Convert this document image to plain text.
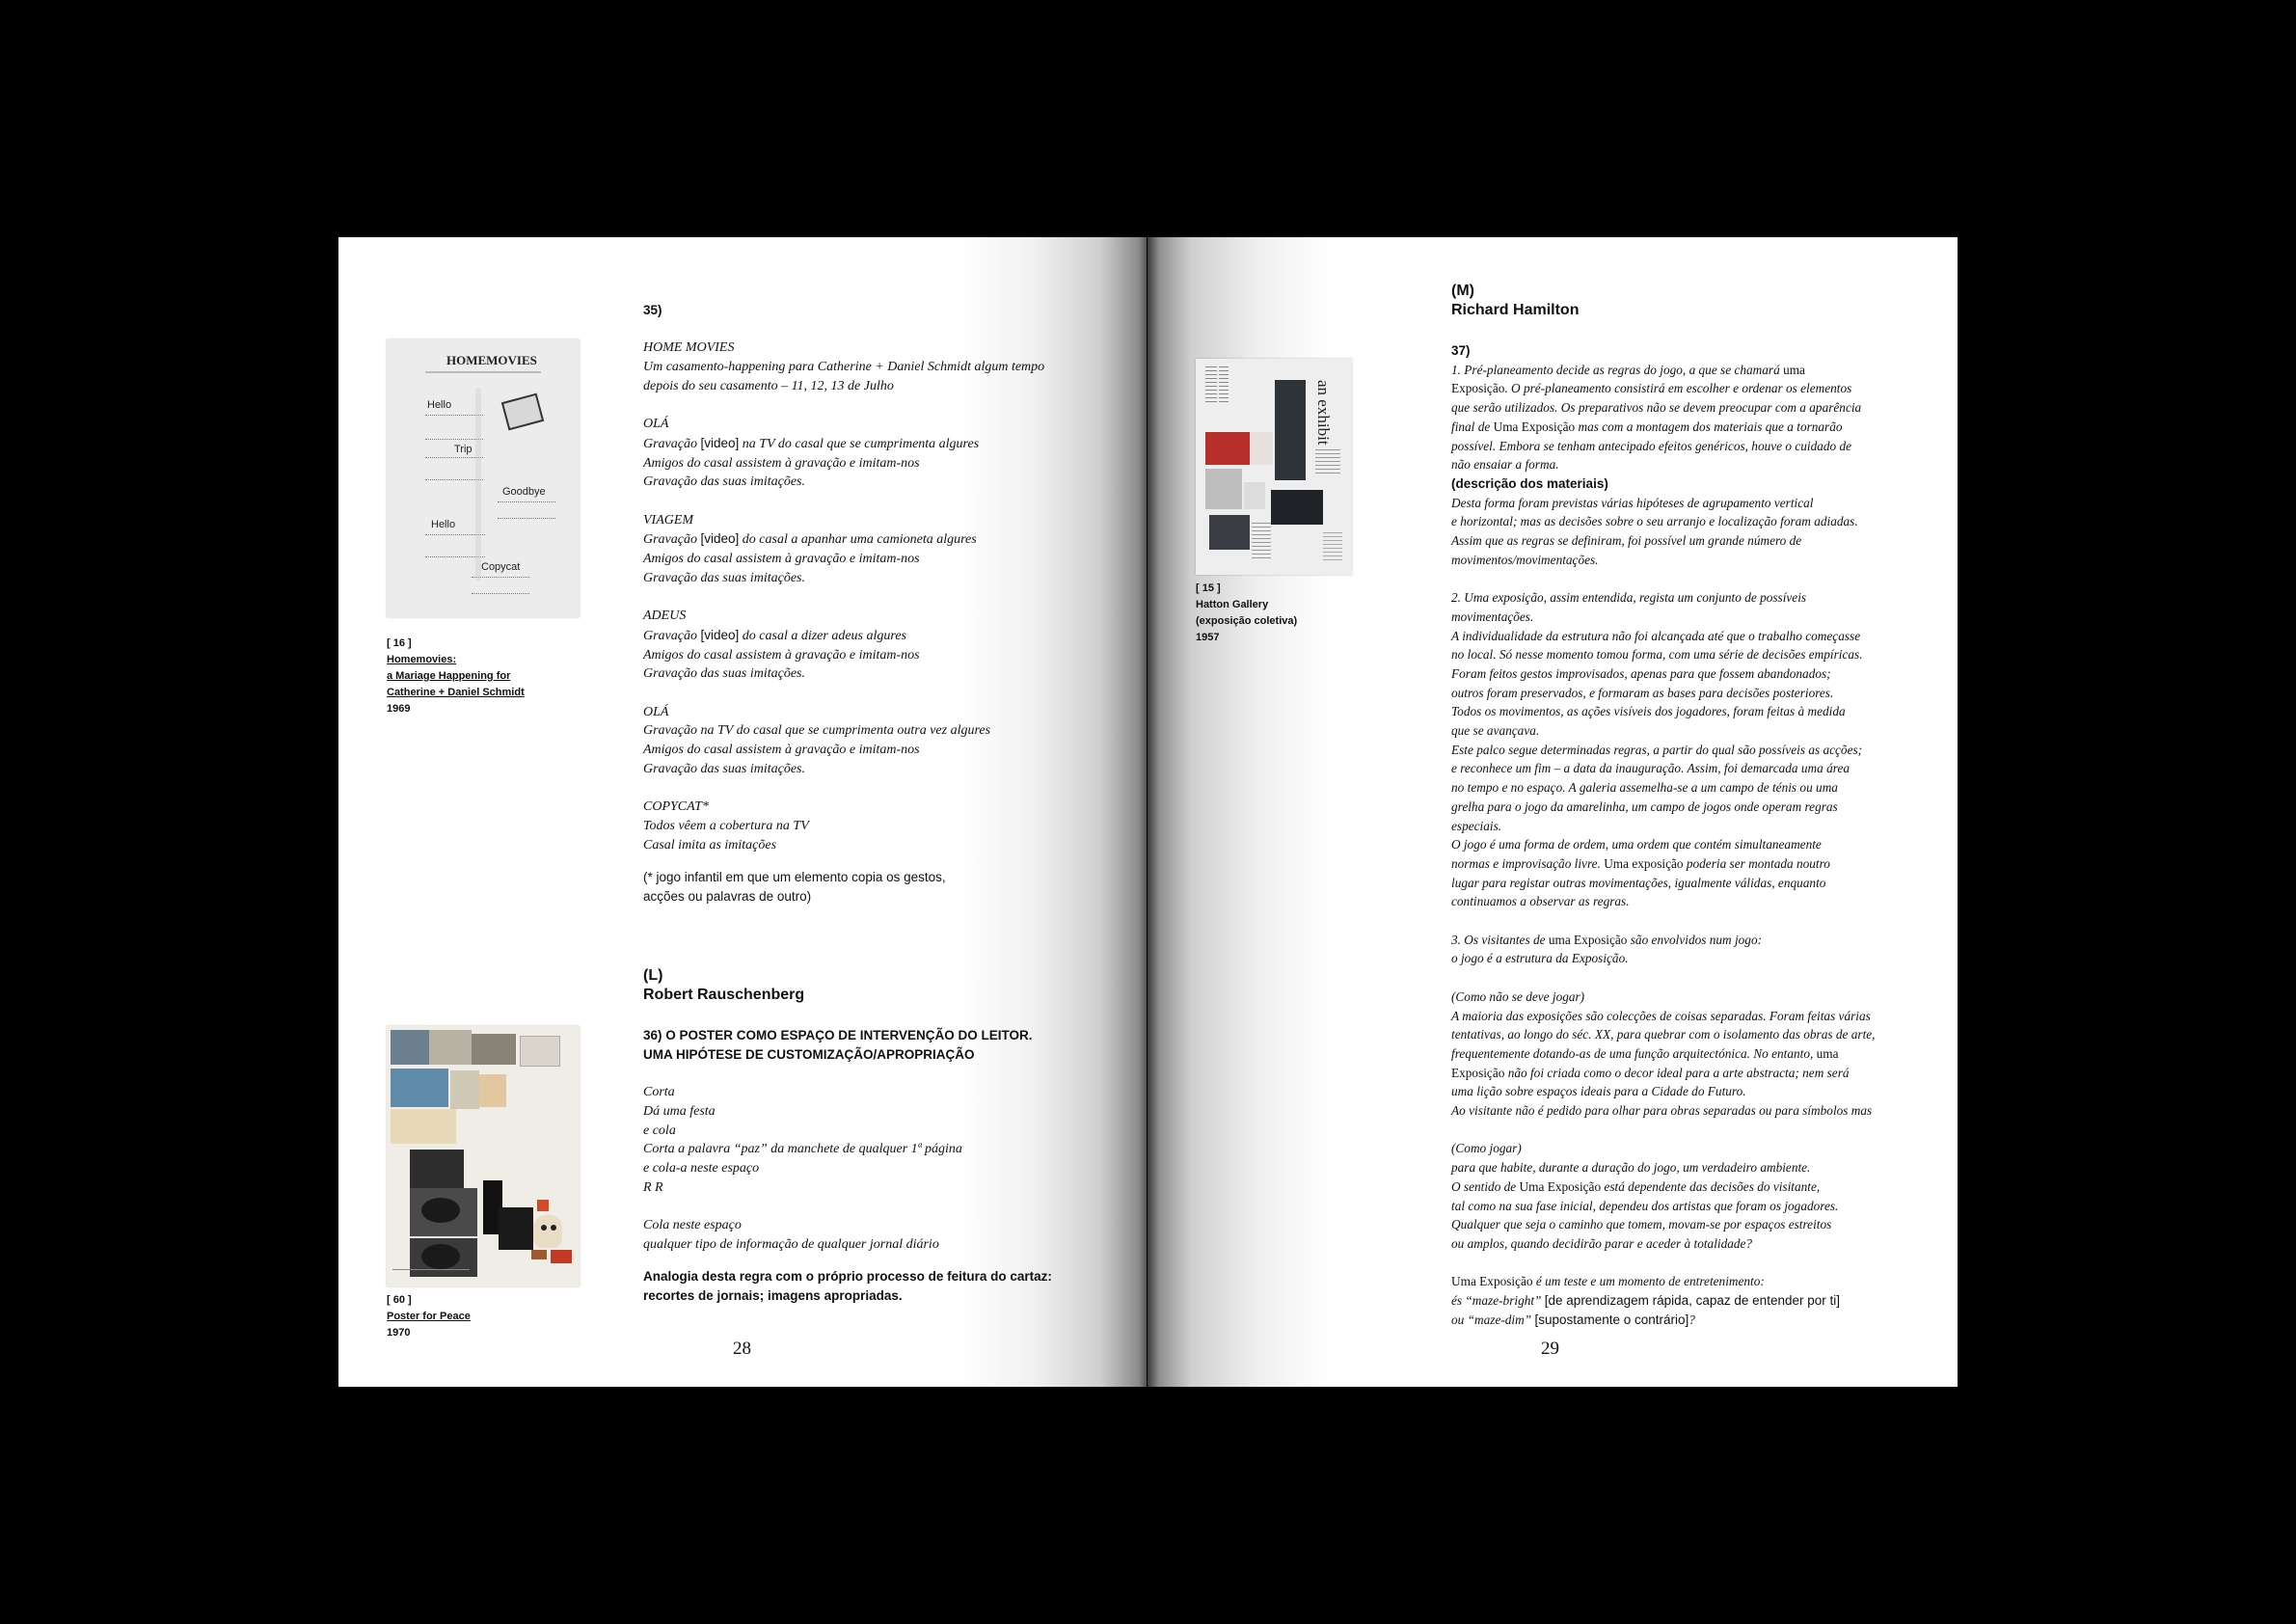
HOMEMOVIES
Hello
Trip
Goodbye
Hello
Copycat
[ 16 ]
Homemovies:
a Mariage Happening for
Catherine + Daniel Schmidt
1969
[ 60 ]
Poster for Peace
1970
35)
HOME MOVIES
Um casamento-happening para Catherine + Daniel Schmidt algum tempo
depois do seu casamento – 11, 12, 13 de Julho
OLÁ
Gravação [video] na TV do casal que se cumprimenta algures
Amigos do casal assistem à gravação e imitam-nos
Gravação das suas imitações.
VIAGEM
Gravação [video] do casal a apanhar uma camioneta algures
Amigos do casal assistem à gravação e imitam-nos
Gravação das suas imitações.
ADEUS
Gravação [video] do casal a dizer adeus algures
Amigos do casal assistem à gravação e imitam-nos
Gravação das suas imitações.
OLÁ
Gravação na TV do casal que se cumprimenta outra vez algures
Amigos do casal assistem à gravação e imitam-nos
Gravação das suas imitações.
COPYCAT*
Todos vêem a cobertura na TV
Casal imita as imitações
(* jogo infantil em que um elemento copia os gestos,
acções ou palavras de outro)
(L)
Robert Rauschenberg
36) O POSTER COMO ESPAÇO DE INTERVENÇÃO DO LEITOR.
UMA HIPÓTESE DE CUSTOMIZAÇÃO/APROPRIAÇÃO
Corta
Dá uma festa
e cola
Corta a palavra “paz” da manchete de qualquer 1ª página
e cola-a neste espaço
R R
Cola neste espaço
qualquer tipo de informação de qualquer jornal diário
Analogia desta regra com o próprio processo de feitura do cartaz:
recortes de jornais; imagens apropriadas.
28
(M)
Richard Hamilton
an exhibit
[ 15 ]
Hatton Gallery
(exposição coletiva)
1957
37)
1. Pré-planeamento decide as regras do jogo, a que se chamará uma
Exposição. O pré-planeamento consistirá em escolher e ordenar os elementos
que serão utilizados. Os preparativos não se devem preocupar com a aparência
final de Uma Exposição mas com a montagem dos materiais que a tornarão
possível. Embora se tenham antecipado efeitos genéricos, houve o cuidado de
não ensaiar a forma.
(descrição dos materiais)
Desta forma foram previstas várias hipóteses de agrupamento vertical
e horizontal; mas as decisões sobre o seu arranjo e localização foram adiadas.
Assim que as regras se definiram, foi possível um grande número de
movimentos/movimentações.
2. Uma exposição, assim entendida, regista um conjunto de possíveis
movimentações.
A individualidade da estrutura não foi alcançada até que o trabalho começasse
no local. Só nesse momento tomou forma, com uma série de decisões empíricas.
Foram feitos gestos improvisados, apenas para que fossem abandonados;
outros foram preservados, e formaram as bases para decisões posteriores.
Todos os movimentos, as ações visíveis dos jogadores, foram feitas à medida
que se avançava.
Este palco segue determinadas regras, a partir do qual são possíveis as acções;
e reconhece um fim – a data da inauguração. Assim, foi demarcada uma área
no tempo e no espaço. A galeria assemelha-se a um campo de ténis ou uma
grelha para o jogo da amarelinha, um campo de jogos onde operam regras
especiais.
O jogo é uma forma de ordem, uma ordem que contém simultaneamente
normas e improvisação livre. Uma exposição poderia ser montada noutro
lugar para registar outras movimentações, igualmente válidas, enquanto
continuamos a observar as regras.
3. Os visitantes de uma Exposição são envolvidos num jogo:
o jogo é a estrutura da Exposição.
(Como não se deve jogar)
A maioria das exposições são colecções de coisas separadas. Foram feitas várias
tentativas, ao longo do séc. XX, para quebrar com o isolamento das obras de arte,
frequentemente dotando-as de uma função arquitectónica. No entanto, uma
Exposição não foi criada como o decor ideal para a arte abstracta; nem será
uma lição sobre espaços ideais para a Cidade do Futuro.
Ao visitante não é pedido para olhar para obras separadas ou para símbolos mas
(Como jogar)
para que habite, durante a duração do jogo, um verdadeiro ambiente.
O sentido de Uma Exposição está dependente das decisões do visitante,
tal como na sua fase inicial, dependeu dos artistas que foram os jogadores.
Qualquer que seja o caminho que tomem, movam-se por espaços estreitos
ou amplos, quando decidirão parar e aceder à totalidade?
Uma Exposição é um teste e um momento de entretenimento:
és “maze-bright” [de aprendizagem rápida, capaz de entender por ti]
ou “maze-dim” [supostamente o contrário]?
29
